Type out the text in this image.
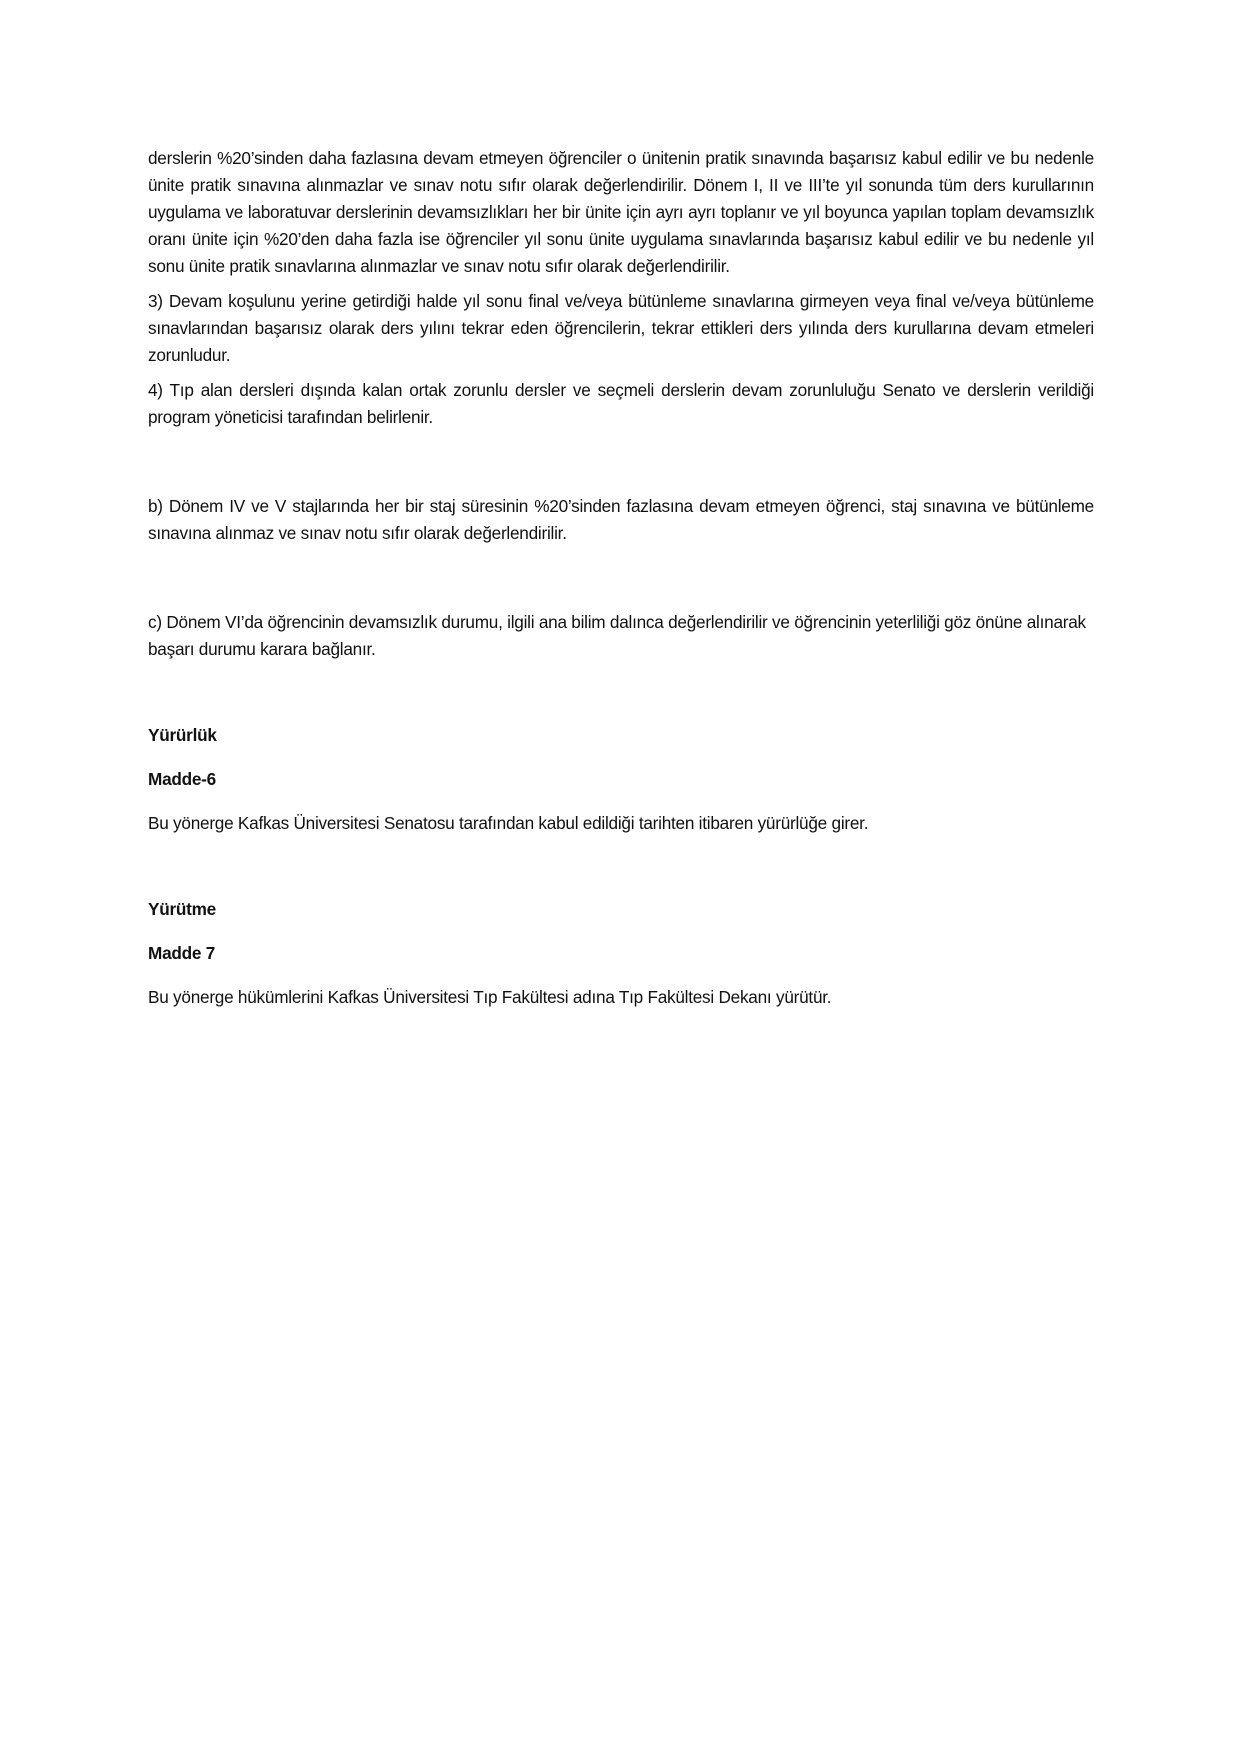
derslerin %20’sinden daha fazlasına devam etmeyen öğrenciler o ünitenin pratik sınavında başarısız kabul edilir ve bu nedenle ünite pratik sınavına alınmazlar ve sınav notu sıfır olarak değerlendirilir. Dönem I, II ve III’te yıl sonunda tüm ders kurullarının uygulama ve laboratuvar derslerinin devamsızlıkları her bir ünite için ayrı ayrı toplanır ve yıl boyunca yapılan toplam devamsızlık oranı ünite için %20’den daha fazla ise öğrenciler yıl sonu ünite uygulama sınavlarında başarısız kabul edilir ve bu nedenle yıl sonu ünite pratik sınavlarına alınmazlar ve sınav notu sıfır olarak değerlendirilir.

3) Devam koşulunu yerine getirdiği halde yıl sonu final ve/veya bütünleme sınavlarına girmeyen veya final ve/veya bütünleme sınavlarından başarısız olarak ders yılını tekrar eden öğrencilerin, tekrar ettikleri ders yılında ders kurullarına devam etmeleri zorunludur.

4) Tıp alan dersleri dışında kalan ortak zorunlu dersler ve seçmeli derslerin devam zorunluluğu Senato ve derslerin verildiği program yöneticisi tarafından belirlenir.

b) Dönem IV ve V stajlarında her bir staj süresinin %20’sinden fazlasına devam etmeyen öğrenci, staj sınavına ve bütünleme sınavına alınmaz ve sınav notu sıfır olarak değerlendirilir.

c) Dönem VI’da öğrencinin devamsızlık durumu, ilgili ana bilim dalınca değerlendirilir ve öğrencinin yeterliliği göz önüne alınarak başarı durumu karara bağlanır.

Yürürlük

Madde-6

Bu yönerge Kafkas Üniversitesi Senatosu tarafından kabul edildiği tarihten itibaren yürürlüğe girer.

Yürütme

Madde 7

Bu yönerge hükümlerini Kafkas Üniversitesi Tıp Fakültesi adına Tıp Fakültesi Dekanı yürütür.
